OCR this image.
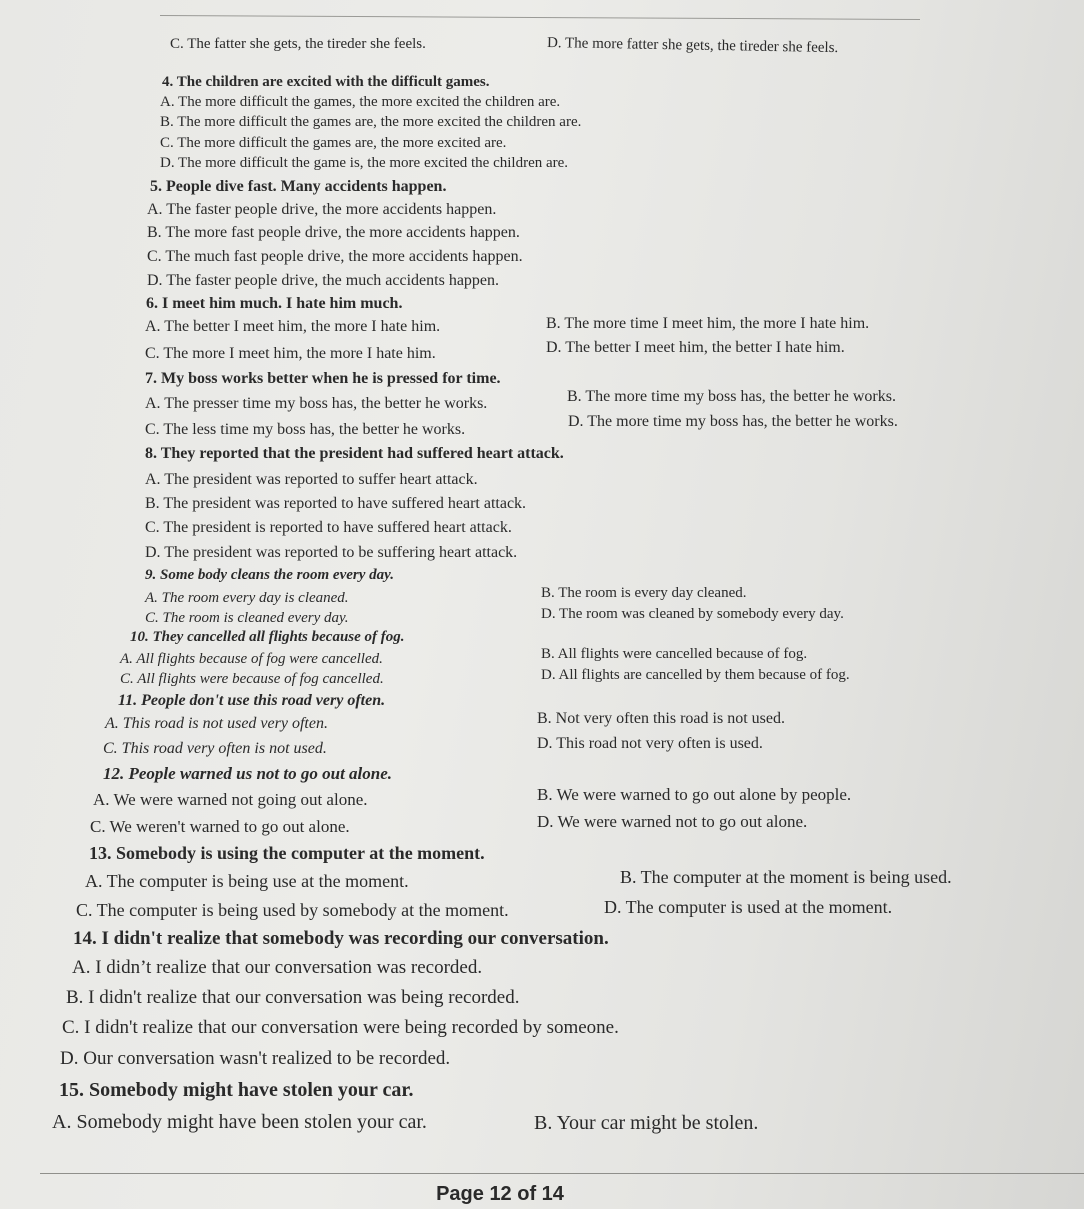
C. The fatter she gets, the tireder she feels.	D. The more fatter she gets, the tireder she feels.
4. The children are excited with the difficult games.
A. The more difficult the games, the more excited the children are.
B. The more difficult the games are, the more excited the children are.
C. The more difficult the games are, the more excited are.
D. The more difficult the game is, the more excited the children are.
5. People dive fast. Many accidents happen.
A. The faster people drive, the more accidents happen.
B. The more fast people drive, the more accidents happen.
C. The much fast people drive, the more accidents happen.
D. The faster people drive, the much accidents happen.
6. I meet him much. I hate him much.
A. The better I meet him, the more I hate him.	B. The more time I meet him, the more I hate him.
C. The more I meet him, the more I hate him.	D. The better I meet him, the better I hate him.
7. My boss works better when he is pressed for time.
A. The presser time my boss has, the better he works.	B. The more time my boss has, the better he works.
C. The less time my boss has, the better he works.	D. The more time my boss has, the better he works.
8. They reported that the president had suffered heart attack.
A. The president was reported to suffer heart attack.
B. The president was reported to have suffered heart attack.
C. The president is reported to have suffered heart attack.
D. The president was reported to be suffering heart attack.
9. Some body cleans the room every day.
A. The room every day is cleaned.	B. The room is every day cleaned.
C. The room is cleaned every day.	D. The room was cleaned by somebody every day.
10. They cancelled all flights because of fog.
A. All flights because of fog were cancelled.	B. All flights were cancelled because of fog.
C. All flights were because of fog cancelled.	D. All flights are cancelled by them because of fog.
11. People don't use this road very often.
A. This road is not used very often.	B. Not very often this road is not used.
C. This road very often is not used.	D. This road not very often is used.
12. People warned us not to go out alone.
A. We were warned not going out alone.	B. We were warned to go out alone by people.
C. We weren't warned to go out alone.	D. We were warned not to go out alone.
13. Somebody is using the computer at the moment.
A. The computer is being use at the moment.	B. The computer at the moment is being used.
C. The computer is being used by somebody at the moment.	D. The computer is used at the moment.
14. I didn't realize that somebody was recording our conversation.
A. I didn’t realize that our conversation was recorded.
B. I didn't realize that our conversation was being recorded.
C. I didn't realize that our conversation were being recorded by someone.
D. Our conversation wasn't realized to be recorded.
15. Somebody might have stolen your car.
A. Somebody might have been stolen your car.	B. Your car might be stolen.
Page 12 of 14
